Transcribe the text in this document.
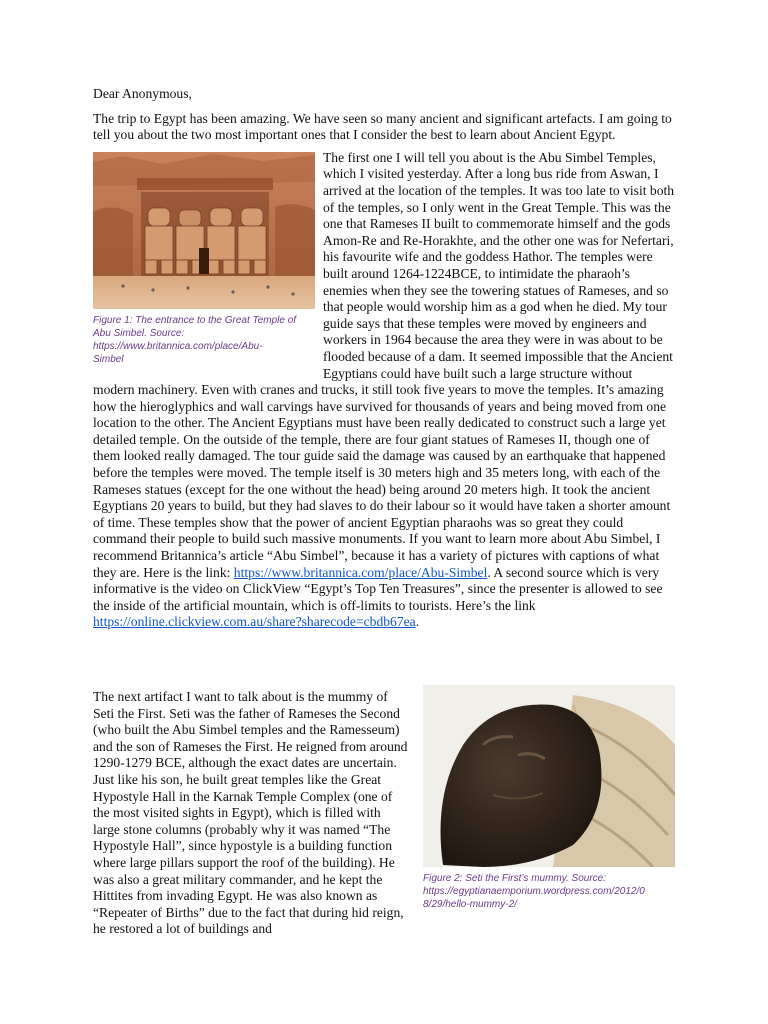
Dear Anonymous,

The trip to Egypt has been amazing. We have seen so many ancient and significant artefacts. I am going to tell you about the two most important ones that I consider the best to learn about Ancient Egypt.

Figure 1: The entrance to the Great Temple of
Abu Simbel. Source:
https://www.britannica.com/place/Abu-
Simbel

The first one I will tell you about is the Abu Simbel Temples, which I visited yesterday. After a long bus ride from Aswan, I arrived at the location of the temples. It was too late to visit both of the temples, so I only went in the Great Temple. This was the one that Rameses II built to commemorate himself and the gods Amon-Re and Re-Horakhte, and the other one was for Nefertari, his favourite wife and the goddess Hathor. The temples were built around 1264-1224BCE, to intimidate the pharaoh’s enemies when they see the towering statues of Rameses, and so that people would worship him as a god when he died. My tour guide says that these temples were moved by engineers and workers in 1964 because the area they were in was about to be flooded because of a dam. It seemed impossible that the Ancient Egyptians could have built such a large structure without modern machinery. Even with cranes and trucks, it still took five years to move the temples. It’s amazing how the hieroglyphics and wall carvings have survived for thousands of years and being moved from one location to the other. The Ancient Egyptians must have been really dedicated to construct such a large yet detailed temple. On the outside of the temple, there are four giant statues of Rameses II, though one of them looked really damaged. The tour guide said the damage was caused by an earthquake that happened before the temples were moved. The temple itself is 30 meters high and 35 meters long, with each of the Rameses statues (except for the one without the head) being around 20 meters high. It took the ancient Egyptians 20 years to build, but they had slaves to do their labour so it would have taken a shorter amount of time. These temples show that the power of ancient Egyptian pharaohs was so great they could command their people to build such massive monuments. If you want to learn more about Abu Simbel, I recommend Britannica’s article “Abu Simbel”, because it has a variety of pictures with captions of what they are. Here is the link: https://www.britannica.com/place/Abu-Simbel. A second source which is very informative is the video on ClickView “Egypt’s Top Ten Treasures”, since the presenter is allowed to see the inside of the artificial mountain, which is off-limits to tourists. Here’s the link https://online.clickview.com.au/share?sharecode=cbdb67ea.

Figure 2: Seti the First’s mummy. Source:
https://egyptianaemporium.wordpress.com/2012/0
8/29/hello-mummy-2/

The next artifact I want to talk about is the mummy of Seti the First. Seti was the father of Rameses the Second (who built the Abu Simbel temples and the Ramesseum) and the son of Rameses the First. He reigned from around 1290-1279 BCE, although the exact dates are uncertain. Just like his son, he built great temples like the Great Hypostyle Hall in the Karnak Temple Complex (one of the most visited sights in Egypt), which is filled with large stone columns (probably why it was named “The Hypostyle Hall”, since hypostyle is a building function where large pillars support the roof of the building). He was also a great military commander, and he kept the Hittites from invading Egypt. He was also known as “Repeater of Births” due to the fact that during hid reign, he restored a lot of buildings and
